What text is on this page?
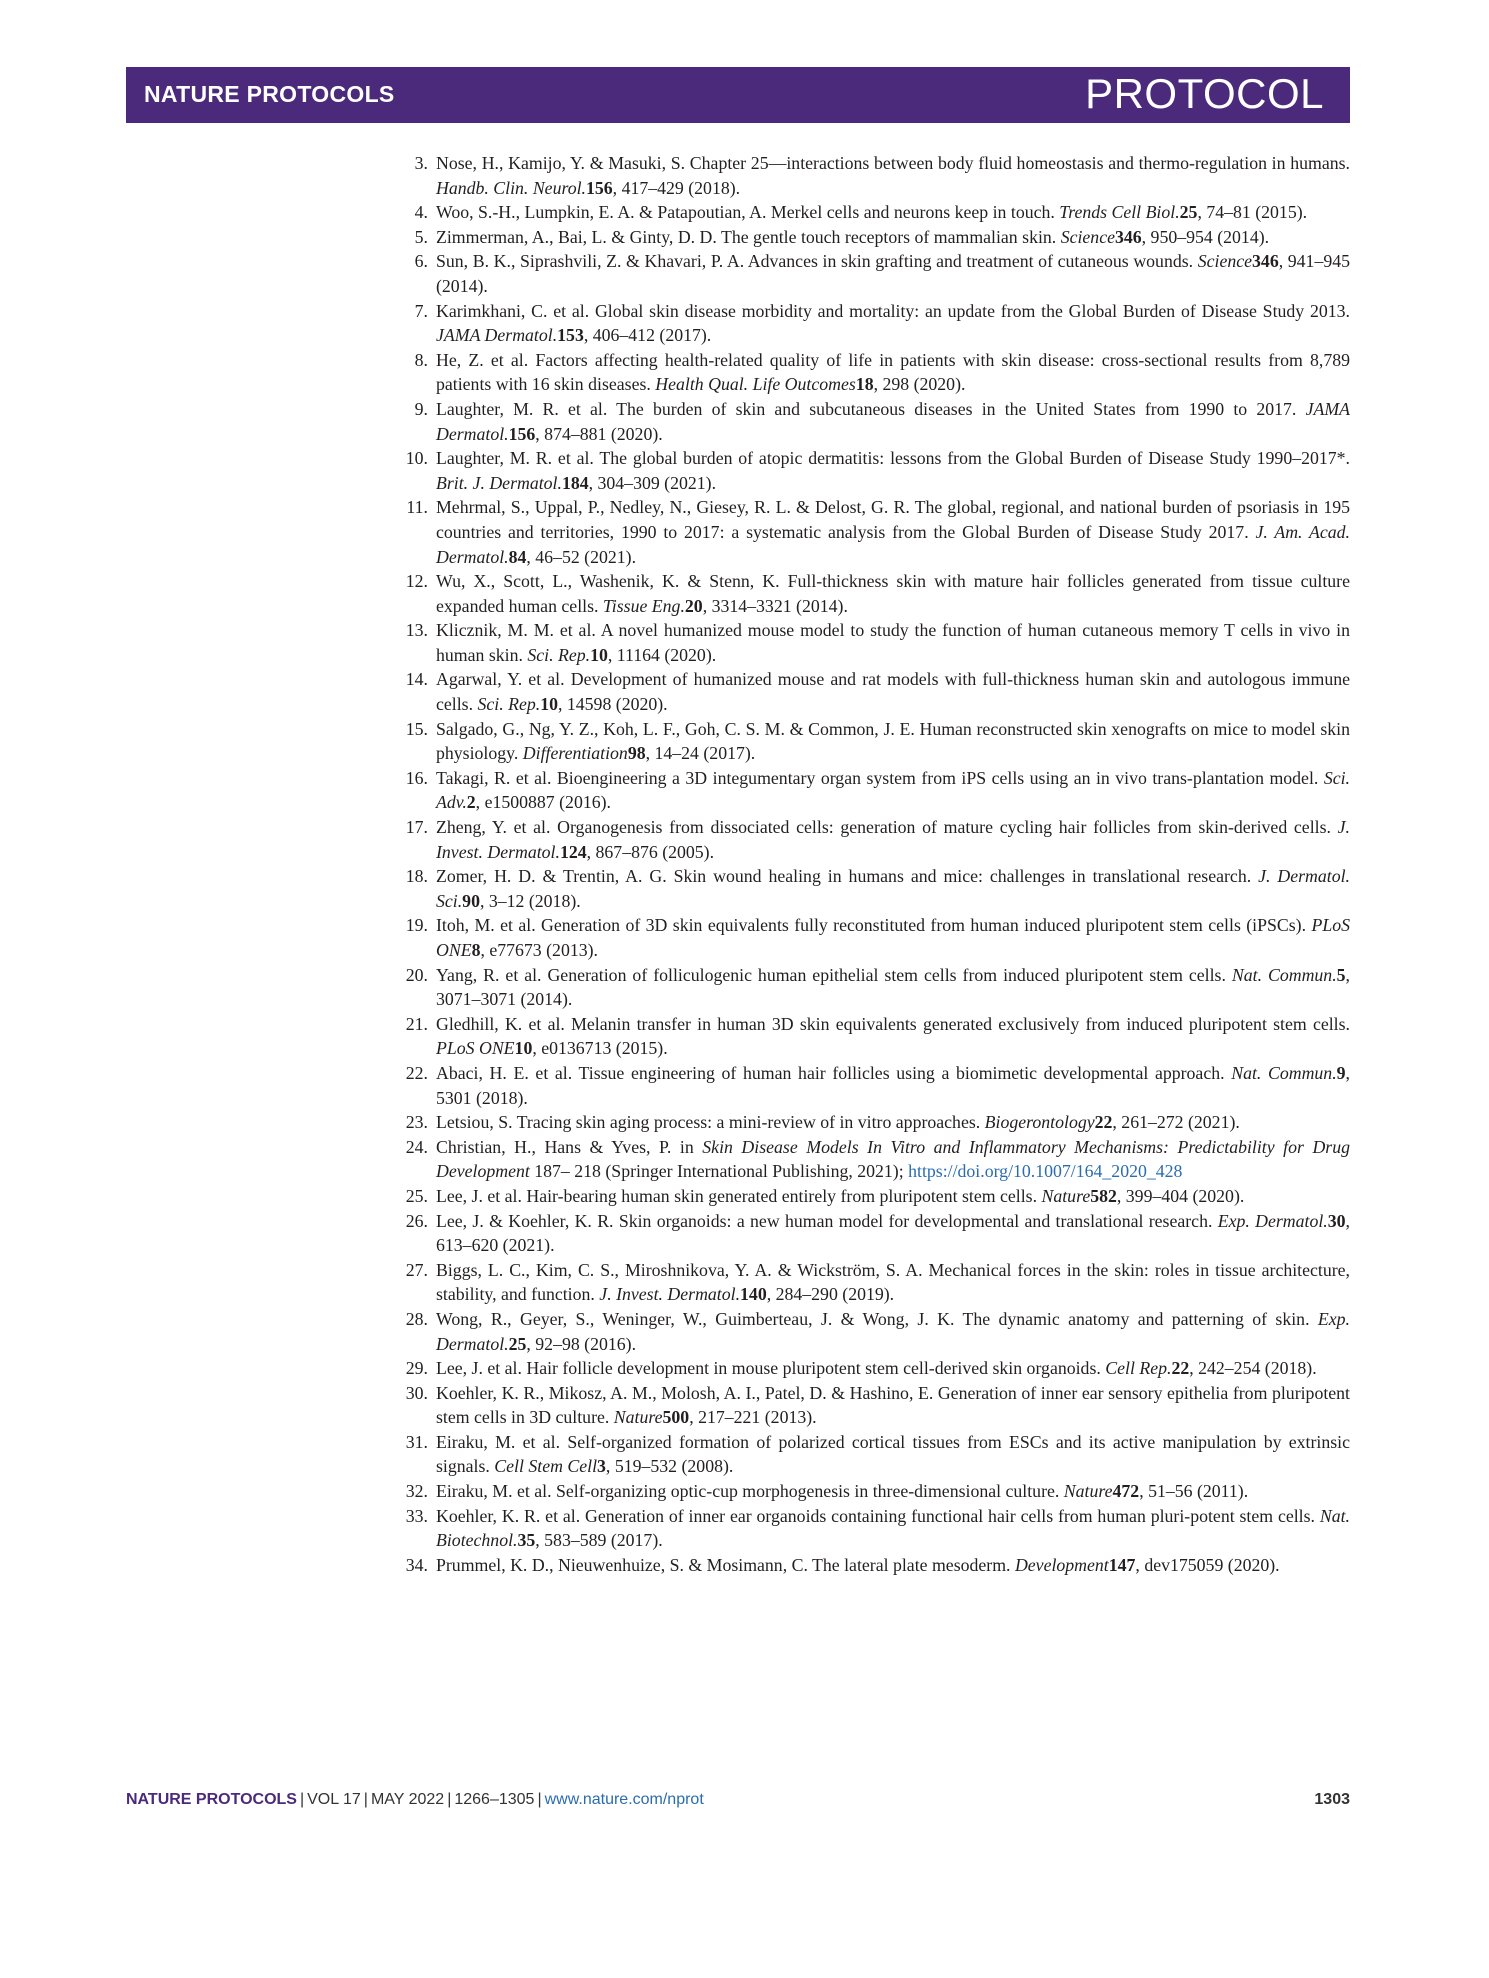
NATURE PROTOCOLS	PROTOCOL
3. Nose, H., Kamijo, Y. & Masuki, S. Chapter 25—interactions between body fluid homeostasis and thermo-regulation in humans. Handb. Clin. Neurol.156, 417–429 (2018).
4. Woo, S.-H., Lumpkin, E. A. & Patapoutian, A. Merkel cells and neurons keep in touch. Trends Cell Biol.25, 74–81 (2015).
5. Zimmerman, A., Bai, L. & Ginty, D. D. The gentle touch receptors of mammalian skin. Science346, 950–954 (2014).
6. Sun, B. K., Siprashvili, Z. & Khavari, P. A. Advances in skin grafting and treatment of cutaneous wounds. Science346, 941–945 (2014).
7. Karimkhani, C. et al. Global skin disease morbidity and mortality: an update from the Global Burden of Disease Study 2013. JAMA Dermatol.153, 406–412 (2017).
8. He, Z. et al. Factors affecting health-related quality of life in patients with skin disease: cross-sectional results from 8,789 patients with 16 skin diseases. Health Qual. Life Outcomes18, 298 (2020).
9. Laughter, M. R. et al. The burden of skin and subcutaneous diseases in the United States from 1990 to 2017. JAMA Dermatol.156, 874–881 (2020).
10. Laughter, M. R. et al. The global burden of atopic dermatitis: lessons from the Global Burden of Disease Study 1990–2017*. Brit. J. Dermatol.184, 304–309 (2021).
11. Mehrmal, S., Uppal, P., Nedley, N., Giesey, R. L. & Delost, G. R. The global, regional, and national burden of psoriasis in 195 countries and territories, 1990 to 2017: a systematic analysis from the Global Burden of Disease Study 2017. J. Am. Acad. Dermatol.84, 46–52 (2021).
12. Wu, X., Scott, L., Washenik, K. & Stenn, K. Full-thickness skin with mature hair follicles generated from tissue culture expanded human cells. Tissue Eng.20, 3314–3321 (2014).
13. Klicznik, M. M. et al. A novel humanized mouse model to study the function of human cutaneous memory T cells in vivo in human skin. Sci. Rep.10, 11164 (2020).
14. Agarwal, Y. et al. Development of humanized mouse and rat models with full-thickness human skin and autologous immune cells. Sci. Rep.10, 14598 (2020).
15. Salgado, G., Ng, Y. Z., Koh, L. F., Goh, C. S. M. & Common, J. E. Human reconstructed skin xenografts on mice to model skin physiology. Differentiation98, 14–24 (2017).
16. Takagi, R. et al. Bioengineering a 3D integumentary organ system from iPS cells using an in vivo trans-plantation model. Sci. Adv.2, e1500887 (2016).
17. Zheng, Y. et al. Organogenesis from dissociated cells: generation of mature cycling hair follicles from skin-derived cells. J. Invest. Dermatol.124, 867–876 (2005).
18. Zomer, H. D. & Trentin, A. G. Skin wound healing in humans and mice: challenges in translational research. J. Dermatol. Sci.90, 3–12 (2018).
19. Itoh, M. et al. Generation of 3D skin equivalents fully reconstituted from human induced pluripotent stem cells (iPSCs). PLoS ONE8, e77673 (2013).
20. Yang, R. et al. Generation of folliculogenic human epithelial stem cells from induced pluripotent stem cells. Nat. Commun.5, 3071–3071 (2014).
21. Gledhill, K. et al. Melanin transfer in human 3D skin equivalents generated exclusively from induced pluripotent stem cells. PLoS ONE10, e0136713 (2015).
22. Abaci, H. E. et al. Tissue engineering of human hair follicles using a biomimetic developmental approach. Nat. Commun.9, 5301 (2018).
23. Letsiou, S. Tracing skin aging process: a mini-review of in vitro approaches. Biogerontology22, 261–272 (2021).
24. Christian, H., Hans & Yves, P. in Skin Disease Models In Vitro and Inflammatory Mechanisms: Predictability for Drug Development 187– 218 (Springer International Publishing, 2021); https://doi.org/10.1007/164_2020_428
25. Lee, J. et al. Hair-bearing human skin generated entirely from pluripotent stem cells. Nature582, 399–404 (2020).
26. Lee, J. & Koehler, K. R. Skin organoids: a new human model for developmental and translational research. Exp. Dermatol.30, 613–620 (2021).
27. Biggs, L. C., Kim, C. S., Miroshnikova, Y. A. & Wickström, S. A. Mechanical forces in the skin: roles in tissue architecture, stability, and function. J. Invest. Dermatol.140, 284–290 (2019).
28. Wong, R., Geyer, S., Weninger, W., Guimberteau, J. & Wong, J. K. The dynamic anatomy and patterning of skin. Exp. Dermatol.25, 92–98 (2016).
29. Lee, J. et al. Hair follicle development in mouse pluripotent stem cell-derived skin organoids. Cell Rep.22, 242–254 (2018).
30. Koehler, K. R., Mikosz, A. M., Molosh, A. I., Patel, D. & Hashino, E. Generation of inner ear sensory epithelia from pluripotent stem cells in 3D culture. Nature500, 217–221 (2013).
31. Eiraku, M. et al. Self-organized formation of polarized cortical tissues from ESCs and its active manipulation by extrinsic signals. Cell Stem Cell3, 519–532 (2008).
32. Eiraku, M. et al. Self-organizing optic-cup morphogenesis in three-dimensional culture. Nature472, 51–56 (2011).
33. Koehler, K. R. et al. Generation of inner ear organoids containing functional hair cells from human pluri-potent stem cells. Nat. Biotechnol.35, 583–589 (2017).
34. Prummel, K. D., Nieuwenhuize, S. & Mosimann, C. The lateral plate mesoderm. Development147, dev175059 (2020).
NATURE PROTOCOLS | VOL 17 | MAY 2022 | 1266–1305 | www.nature.com/nprot	1303
